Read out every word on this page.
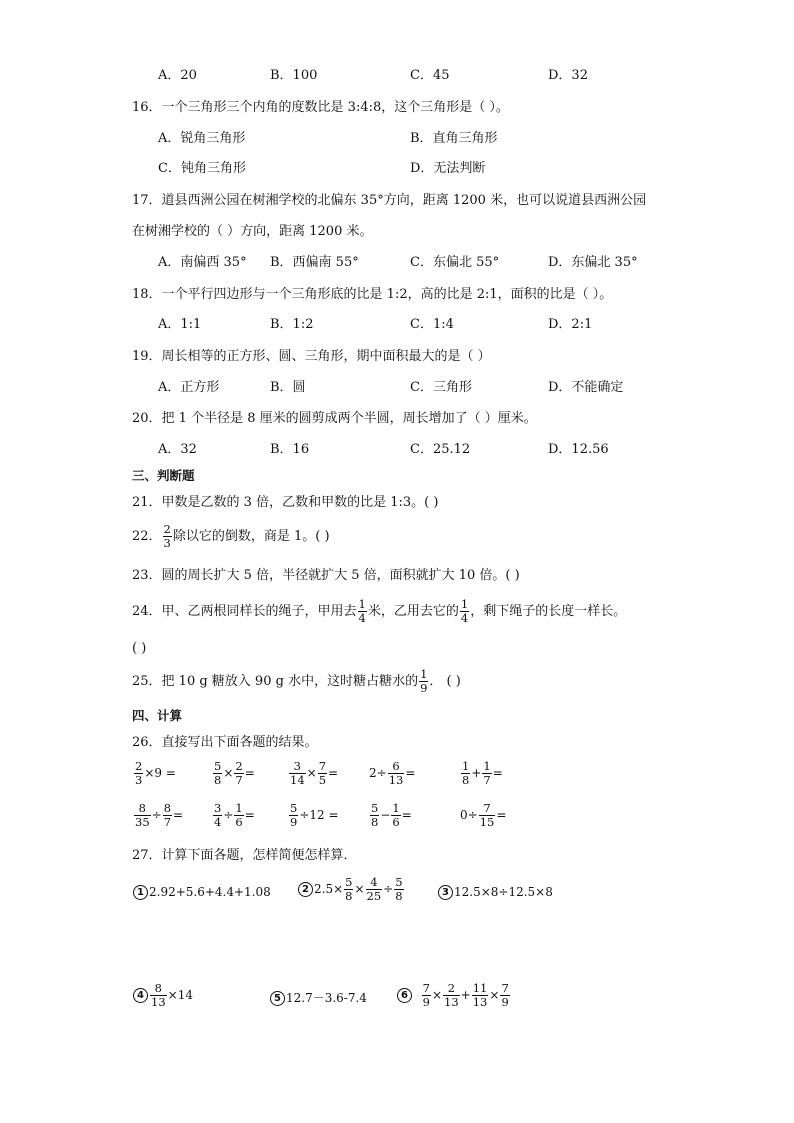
A．20	B．100	C．45	D．32
16．一个三角形三个内角的度数比是 3:4:8，这个三角形是（ ）。
A．锐角三角形	B．直角三角形
C．钝角三角形	D．无法判断
17．道县西洲公园在树湘学校的北偏东 35°方向，距离 1200 米，也可以说道县西洲公园
在树湘学校的（ ）方向，距离 1200 米。
A．南偏西 35° B．西偏南 55°	C．东偏北 55°	D．东偏北 35°
18．一个平行四边形与一个三角形底的比是 1:2，高的比是 2:1，面积的比是（ ）。
A．1:1	B．1:2	C．1:4	D．2:1
19．周长相等的正方形、圆、三角形，期中面积最大的是（ ）
A．正方形	B．圆	C．三角形	D．不能确定
20．把 1 个半径是 8 厘米的圆剪成两个半圆，周长增加了（ ）厘米。
A．32	B．16	C．25.12	D．12.56
三、判断题
21．甲数是乙数的 3 倍，乙数和甲数的比是 1:3。( )
22． $\frac{2}{3}$ 除以它的倒数，商是 1。( )
23．圆的周长扩大 5 倍，半径就扩大 5 倍，面积就扩大 10 倍。( )
24．甲、乙两根同样长的绳子，甲用去 $\frac{1}{4}$ 米，乙用去它的 $\frac{1}{4}$ ，剩下绳子的长度一样长。
( )
25．把 10 g 糖放入 90 g 水中，这时糖占糖水的 $\frac{1}{9}$ ． ( )
四、计算
26．直接写出下面各题的结果。
$\frac{2}{3} \times 9$ =	$\frac{5}{8} \times \frac{2}{7}$ =	$\frac{3}{14} \times \frac{7}{5}$ =	$2\div \frac{6}{13}$ =	$\frac{1}{8} + \frac{1}{7}$ =
$\frac{8}{35} \div \frac{8}{7}$ =	$\frac{3}{4} \div \frac{1}{6}$ =	$\frac{5}{9} \div 12$ =	$\frac{5}{8} - \frac{1}{6}$ =	$0\div \frac{7}{15}$ =
27．计算下面各题，怎样简便怎样算．
1 2.92+5.6+4.4+1.08	2 $2.5\times \frac{5}{8} \times \frac{4}{25} \div \frac{5}{8}$	3 12.5×8÷12.5×8
$4 \frac{8}{13} \times 14$	5 12.7－3.6-7.4	$6 \frac{7}{9} \times \frac{2}{13} + \frac{11}{13} \times \frac{7}{9}$
